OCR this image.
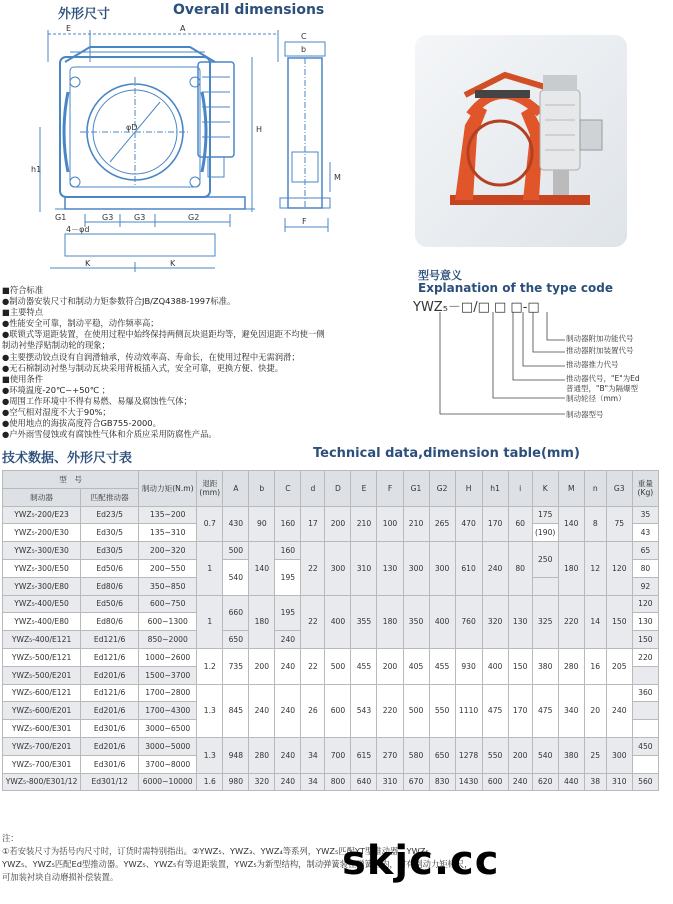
外形尺寸	Overall dimensions
E	A
H
h1
G1	G3	G3	G2
φD
4－φd
K	K
C
b
M
F
型号意义
Explanation of the type code
YWZ₅－□/□ □ □-□
制动器附加功能代号
推动器附加装置代号
推动器推力代号
推动器代号，"E"为Ed
普通型，"B"为隔爆型
制动轮径（mm）
制动器型号
■符合标准
●制动器安装尺寸和制动力矩参数符合JB/ZQ4388-1997标准。
■主要特点
●性能安全可靠，制动平稳，动作频率高；
●联锁式等退距装置，在使用过程中始终保持两侧瓦块退距均等，避免因退距不均使一侧
制动衬垫浮贴制动轮的现象；
●主要摆动铰点设有自润滑轴承，传动效率高、寿命长，在使用过程中无需润滑；
●无石棉制动衬垫与制动瓦块采用背板插入式，安全可靠，更换方便、快捷。
■使用条件
●环境温度-20℃~+50℃ ；
●周围工作环境中不得有易燃、易爆及腐蚀性气体；
●空气相对湿度不大于90%；
●使用地点的海拔高度符合GB755-2000。
●户外雨雪侵蚀或有腐蚀性气体和介质应采用防腐性产品。
技术数据、外形尺寸表	Technical data,dimension table(mm)
型　号		制动力矩(N.m)	退距(mm)	A	b	C	d	D	E	F	G1	G2	H	h1	i	K	M	n	G3	重量(Kg)
制动器	匹配推动器																			
YWZ₅-200/E23	Ed23/5	135~200	0.7	430	90	160	17	200	210	100	210	265	470	170	60	175	140	8	75	35
YWZ₅-200/E30	Ed30/5	135~310														(190)				43
YWZ₅-300/E30	Ed30/5	200~320	1	500	140	160	22	300	310	130	300	300	610	240	80	250	180	12	120	65
YWZ₅-300/E50	Ed50/6	200~550		540		195														80
YWZ₅-300/E80	Ed80/6	350~850																		92
YWZ₅-400/E50	Ed50/6	600~750	1	660	180	195	22	400	355	180	350	400	760	320	130	325	220	14	150	120
YWZ₅-400/E80	Ed80/6	600~1300																		130
YWZ₅-400/E121	Ed121/6	850~2000		650		240														150
YWZ₅-500/E121	Ed121/6	1000~2600	1.2	735	200	240	22	500	455	200	405	455	930	400	150	380	280	16	205	220
YWZ₅-500/E201	Ed201/6	1500~3700																		
YWZ₅-600/E121	Ed121/6	1700~2800	1.3	845	240	240	26	600	543	220	500	550	1110	475	170	475	340	20	240	360
YWZ₅-600/E201	Ed201/6	1700~4300																		
YWZ₅-600/E301	Ed301/6	3000~6500																		
YWZ₅-700/E201	Ed201/6	3000~5000	1.3	948	280	240	34	700	615	270	580	650	1278	550	200	540	380	25	300	450
YWZ₅-700/E301	Ed301/6	3700~8000																		
YWZ₅-800/E301/12	Ed301/12	6000~10000	1.6	980	320	240	34	800	640	310	670	830	1430	600	240	620	440	38	310	560
注：
①若安装尺寸为括号内尺寸时，订货时需特别指出。②YWZ₅、YWZ₃、YWZ₄等系列，YWZ₅匹配YT型推动器，YWZ₅、
YWZ₅、YWZ₅匹配Ed型推动器。YWZ₅、YWZ₅有等退距装置，YWZ₅为新型结构，制动弹簧装在弹簧管内，附有制动力矩标尺，
可加装衬块自动磨损补偿装置。	skjc.cc
